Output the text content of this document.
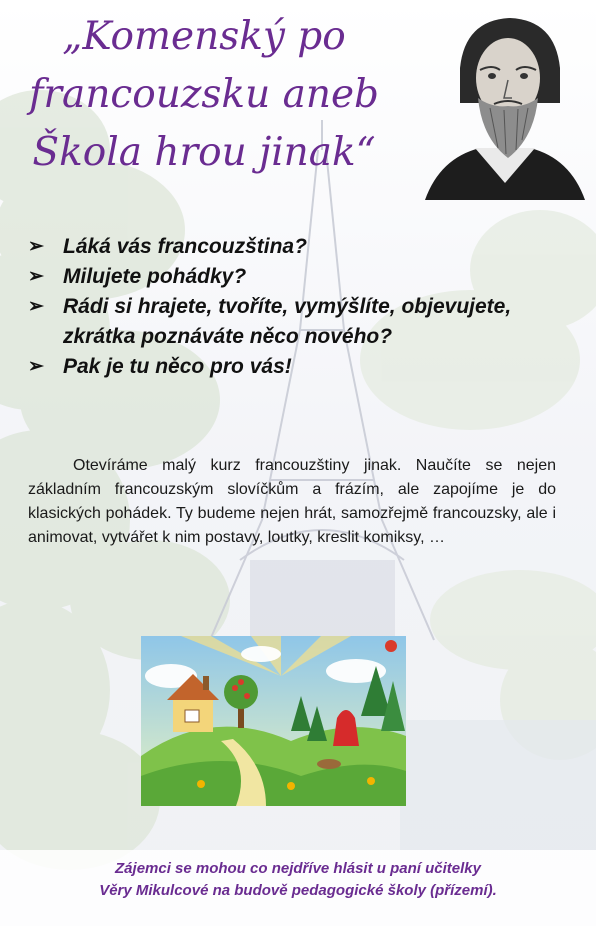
„Komenský po
francouzsku aneb
Škola hrou jinak“
➢ Láká vás francouzština?
➢ Milujete pohádky?
➢ Rádi si hrajete, tvoříte, vymýšlíte, objevujete, zkrátka poznáváte něco nového?
➢ Pak je tu něco pro vás!

Otevíráme malý kurz francouzštiny jinak. Naučíte se nejen základním francouzským slovíčkům a frázím, ale zapojíme je do klasických pohádek. Ty budeme nejen hrát, samozřejmě francouzsky, ale i animovat, vytvářet k nim postavy, loutky, kreslit komiksy, …

Zájemci se mohou co nejdříve hlásit u paní učitelky
Věry Mikulcové na budově pedagogické školy (přízemí).
